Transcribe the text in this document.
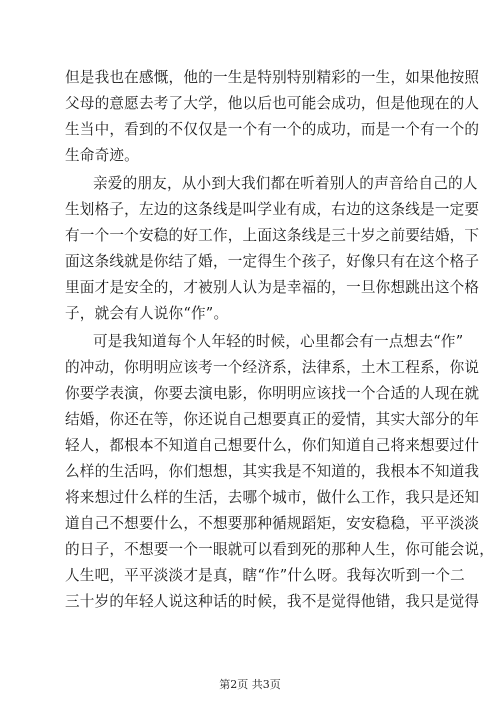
但是我也在感慨，他的一生是特别特别精彩的一生，如果他按照
父母的意愿去考了大学，他以后也可能会成功，但是他现在的人
生当中，看到的不仅仅是一个有一个的成功，而是一个有一个的
生命奇迹。
亲爱的朋友，从小到大我们都在听着别人的声音给自己的人
生划格子，左边的这条线是叫学业有成，右边的这条线是一定要
有一个一个安稳的好工作，上面这条线是三十岁之前要结婚，下
面这条线就是你结了婚，一定得生个孩子，好像只有在这个格子
里面才是安全的，才被别人认为是幸福的，一旦你想跳出这个格
子，就会有人说你“作”。
可是我知道每个人年轻的时候，心里都会有一点想去“作”
的冲动，你明明应该考一个经济系，法律系，土木工程系，你说
你要学表演，你要去演电影，你明明应该找一个合适的人现在就
结婚，你还在等，你还说自己想要真正的爱情，其实大部分的年
轻人，都根本不知道自己想要什么，你们知道自己将来想要过什
么样的生活吗，你们想想，其实我是不知道的，我根本不知道我
将来想过什么样的生活，去哪个城市，做什么工作，我只是还知
道自己不想要什么，不想要那种循规蹈矩，安安稳稳，平平淡淡
的日子，不想要一个一眼就可以看到死的那种人生，你可能会说，
人生吧，平平淡淡才是真，瞎“作”什么呀。我每次听到一个二
三十岁的年轻人说这种话的时候，我不是觉得他错，我只是觉得
第2页 共3页
